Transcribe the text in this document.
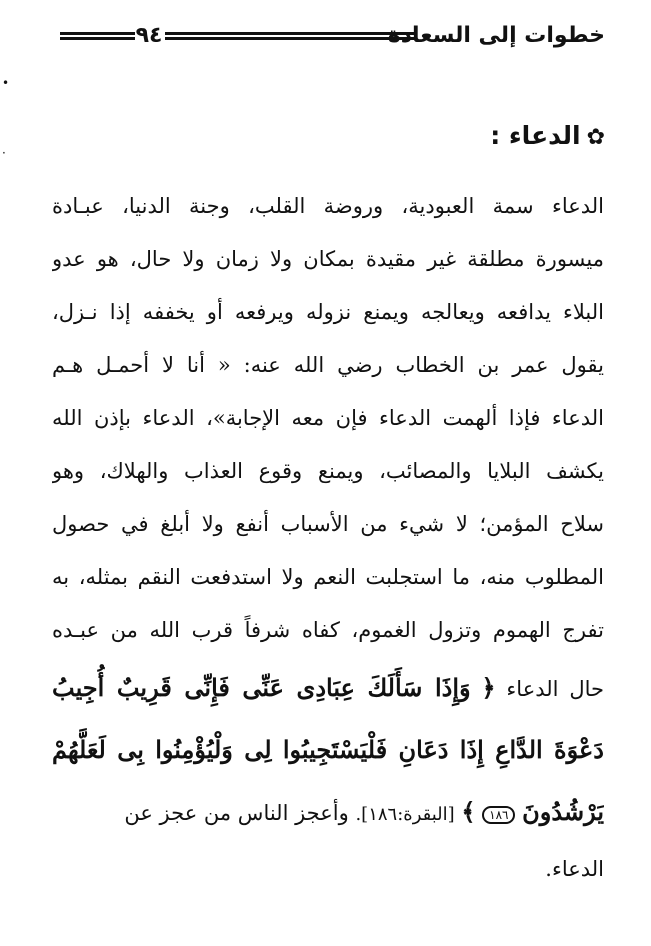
•
·
خطوات إلى السعادة
٩٤
✿الدعاء :
الدعاء سمة العبودية، وروضة القلب، وجنة الدنيا، عبـادة
ميسورة مطلقة غير مقيدة بمكان ولا زمان ولا حال، هو عدو
البلاء يدافعه ويعالجه ويمنع نزوله ويرفعه أو يخففه إذا نـزل،
يقول عمر بن الخطاب رضي الله عنه: « أنا لا أحمـل هـم
الدعاء فإذا ألهمت الدعاء فإن معه الإجابة»، الدعاء بإذن الله
يكشف البلايا والمصائب، ويمنع وقوع العذاب والهلاك، وهو
سلاح المؤمن؛ لا شيء من الأسباب أنفع ولا أبلغ في حصول
المطلوب منه، ما استجلبت النعم ولا استدفعت النقم بمثله، به
تفرج الهموم وتزول الغموم، كفاه شرفاً قرب الله من عبـده
حال الدعاء ﴿ وَإِذَا سَأَلَكَ عِبَادِى عَنِّى فَإِنِّى قَرِيبٌ أُجِيبُ
دَعْوَةَ الدَّاعِ إِذَا دَعَانِ فَلْيَسْتَجِيبُوا لِى وَلْيُؤْمِنُوا بِى لَعَلَّهُمْ
يَرْشُدُونَ ١٨٦ ﴾ [البقرة:١٨٦]. وأعجز الناس من عجز عن
الدعاء.
